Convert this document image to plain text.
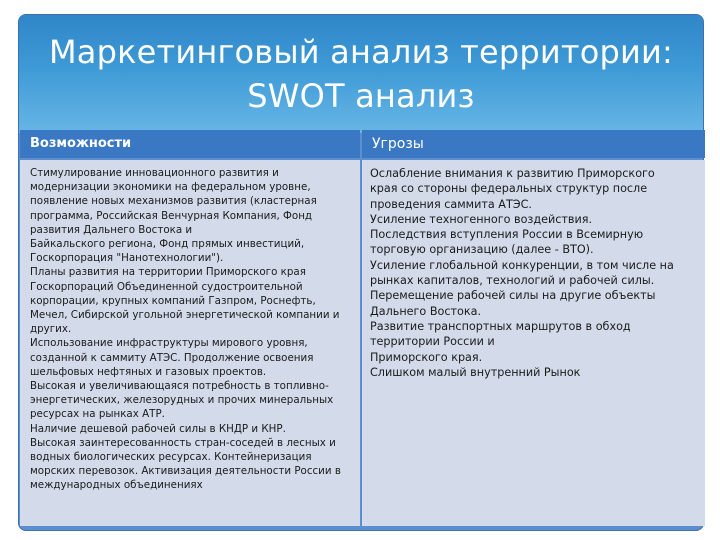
Маркетинговый анализ территории:
SWOT анализ
Возможности	Угрозы

Стимулирование инновационного развития и

модернизации экономики на федеральном уровне,

появление новых механизмов развития (кластерная

программа, Российская Венчурная Компания, Фонд

развития Дальнего Востока и

Байкальского региона, Фонд прямых инвестиций,

Госкорпорация "Нанотехнологии").

Планы развития на территории Приморского края

Госкорпораций Объединенной судостроительной

корпорации, крупных компаний Газпром, Роснефть,

Мечел, Сибирской угольной энергетической компании и

других.

Использование инфраструктуры мирового уровня,

созданной к саммиту АТЭС. Продолжение освоения

шельфовых нефтяных и газовых проектов.

Высокая и увеличивающаяся потребность в топливно-

энергетических, железорудных и прочих минеральных

ресурсах на рынках АТР.

Наличие дешевой рабочей силы в КНДР и КНР.

Высокая заинтересованность стран-соседей в лесных и

водных биологических ресурсах. Контейнеризация

морских перевозок. Активизация деятельности России в

международных объединениях

Ослабление внимания к развитию Приморского

края со стороны федеральных структур после

проведения саммита АТЭС.

Усиление техногенного воздействия.

Последствия вступления России в Всемирную

торговую организацию (далее - ВТО).

Усиление глобальной конкуренции, в том числе на

рынках капиталов, технологий и рабочей силы.

Перемещение рабочей силы на другие объекты

Дальнего Востока.

Развитие транспортных маршрутов в обход

территории России и

Приморского края.

Слишком малый внутренний Рынок
